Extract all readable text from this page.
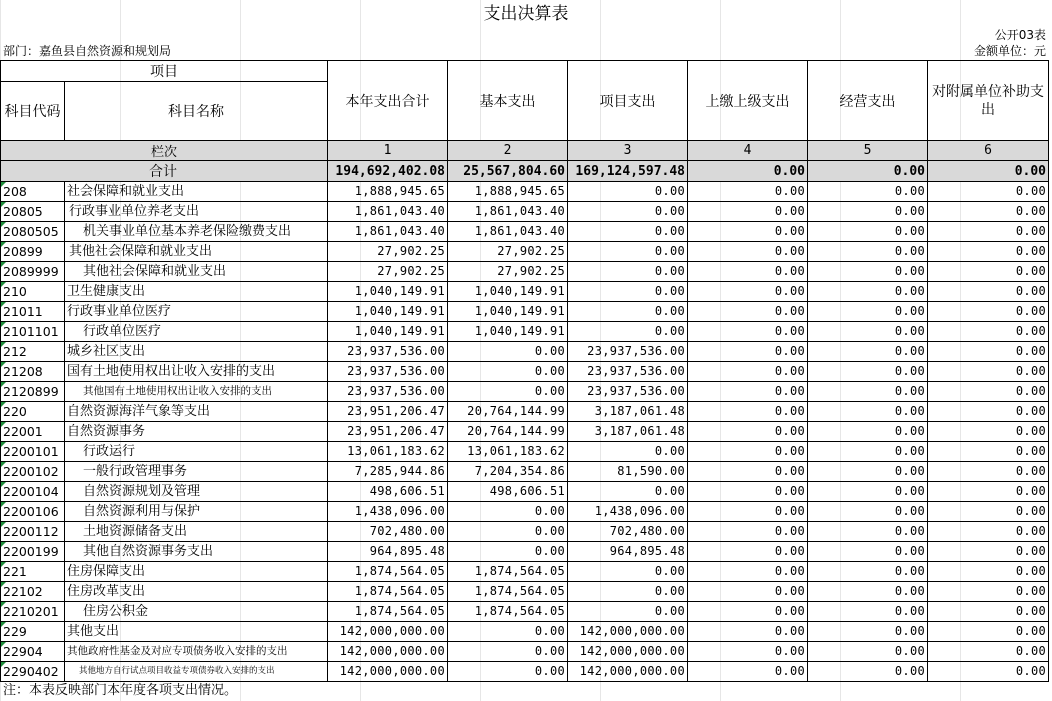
支出决算表
公开03表
部门：嘉鱼县自然资源和规划局	金额单位：元
项目		本年支出合计	基本支出	项目支出	上缴上级支出	经营支出	对附属单位补助支出
科目代码	科目名称						
栏次		1	2	3	4	5	6
合计		194,692,402.08	25,567,804.60	169,124,597.48	0.00	0.00	0.00
208	社会保障和就业支出	1,888,945.65	1,888,945.65	0.00	0.00	0.00	0.00
20805	行政事业单位养老支出	1,861,043.40	1,861,043.40	0.00	0.00	0.00	0.00
2080505	机关事业单位基本养老保险缴费支出	1,861,043.40	1,861,043.40	0.00	0.00	0.00	0.00
20899	其他社会保障和就业支出	27,902.25	27,902.25	0.00	0.00	0.00	0.00
2089999	其他社会保障和就业支出	27,902.25	27,902.25	0.00	0.00	0.00	0.00
210	卫生健康支出	1,040,149.91	1,040,149.91	0.00	0.00	0.00	0.00
21011	行政事业单位医疗	1,040,149.91	1,040,149.91	0.00	0.00	0.00	0.00
2101101	行政单位医疗	1,040,149.91	1,040,149.91	0.00	0.00	0.00	0.00
212	城乡社区支出	23,937,536.00	0.00	23,937,536.00	0.00	0.00	0.00
21208	国有土地使用权出让收入安排的支出	23,937,536.00	0.00	23,937,536.00	0.00	0.00	0.00
2120899	其他国有土地使用权出让收入安排的支出	23,937,536.00	0.00	23,937,536.00	0.00	0.00	0.00
220	自然资源海洋气象等支出	23,951,206.47	20,764,144.99	3,187,061.48	0.00	0.00	0.00
22001	自然资源事务	23,951,206.47	20,764,144.99	3,187,061.48	0.00	0.00	0.00
2200101	行政运行	13,061,183.62	13,061,183.62	0.00	0.00	0.00	0.00
2200102	一般行政管理事务	7,285,944.86	7,204,354.86	81,590.00	0.00	0.00	0.00
2200104	自然资源规划及管理	498,606.51	498,606.51	0.00	0.00	0.00	0.00
2200106	自然资源利用与保护	1,438,096.00	0.00	1,438,096.00	0.00	0.00	0.00
2200112	土地资源储备支出	702,480.00	0.00	702,480.00	0.00	0.00	0.00
2200199	其他自然资源事务支出	964,895.48	0.00	964,895.48	0.00	0.00	0.00
221	住房保障支出	1,874,564.05	1,874,564.05	0.00	0.00	0.00	0.00
22102	住房改革支出	1,874,564.05	1,874,564.05	0.00	0.00	0.00	0.00
2210201	住房公积金	1,874,564.05	1,874,564.05	0.00	0.00	0.00	0.00
229	其他支出	142,000,000.00	0.00	142,000,000.00	0.00	0.00	0.00
22904	其他政府性基金及对应专项债务收入安排的支出	142,000,000.00	0.00	142,000,000.00	0.00	0.00	0.00
2290402	其他地方自行试点项目收益专项债券收入安排的支出	142,000,000.00	0.00	142,000,000.00	0.00	0.00	0.00
注：本表反映部门本年度各项支出情况。
